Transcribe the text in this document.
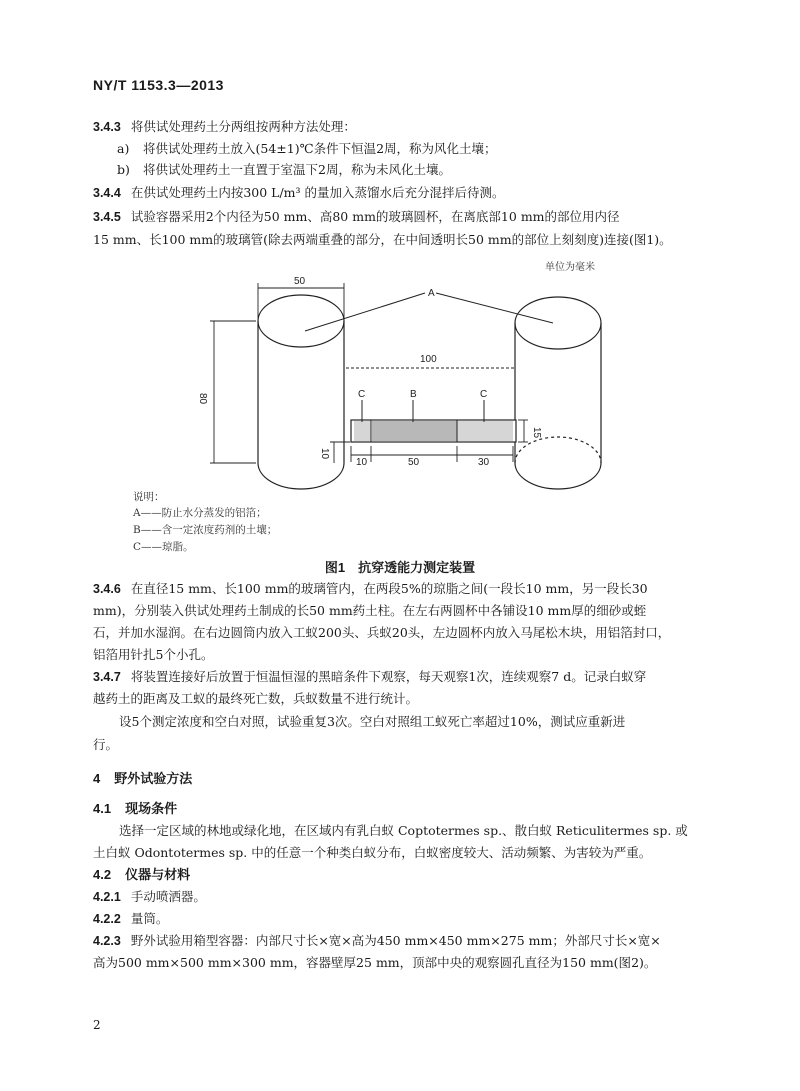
NY/T 1153.3—2013
3.4.3 将供试处理药土分两组按两种方法处理：
a) 将供试处理药土放入(54±1)℃条件下恒温2周，称为风化土壤；
b) 将供试处理药土一直置于室温下2周，称为未风化土壤。
3.4.4 在供试处理药土内按300 L/m³ 的量加入蒸馏水后充分混拌后待测。
3.4.5 试验容器采用2个内径为50 mm、高80 mm的玻璃圆杯，在离底部10 mm的部位用内径
15 mm、长100 mm的玻璃管(除去两端重叠的部分，在中间透明长50 mm的部位上刻刻度)连接(图1)。
单位为毫米
A
B
C	C
50
80
100
15
10
10	50	30
说明：
A——防止水分蒸发的铝箔；
B——含一定浓度药剂的土壤；
C——琼脂。
图1　抗穿透能力测定装置
3.4.6 在直径15 mm、长100 mm的玻璃管内，在两段5%的琼脂之间(一段长10 mm，另一段长30
mm)，分别装入供试处理药土制成的长50 mm药土柱。在左右两圆杯中各铺设10 mm厚的细砂或蛭
石，并加水湿润。在右边圆筒内放入工蚁200头、兵蚁20头，左边圆杯内放入马尾松木块，用铝箔封口，
铝箔用针扎5个小孔。
3.4.7 将装置连接好后放置于恒温恒湿的黑暗条件下观察，每天观察1次，连续观察7 d。记录白蚁穿
越药土的距离及工蚁的最终死亡数，兵蚁数量不进行统计。
设5个测定浓度和空白对照，试验重复3次。空白对照组工蚁死亡率超过10%，测试应重新进
行。
4 野外试验方法
4.1 现场条件
选择一定区域的林地或绿化地，在区域内有乳白蚁 Coptotermes sp.、散白蚁 Reticulitermes sp. 或
土白蚁 Odontotermes sp. 中的任意一个种类白蚁分布，白蚁密度较大、活动频繁、为害较为严重。
4.2 仪器与材料
4.2.1 手动喷洒器。
4.2.2 量筒。
4.2.3 野外试验用箱型容器：内部尺寸长×宽×高为450 mm×450 mm×275 mm；外部尺寸长×宽×
高为500 mm×500 mm×300 mm，容器壁厚25 mm，顶部中央的观察圆孔直径为150 mm(图2)。
2
